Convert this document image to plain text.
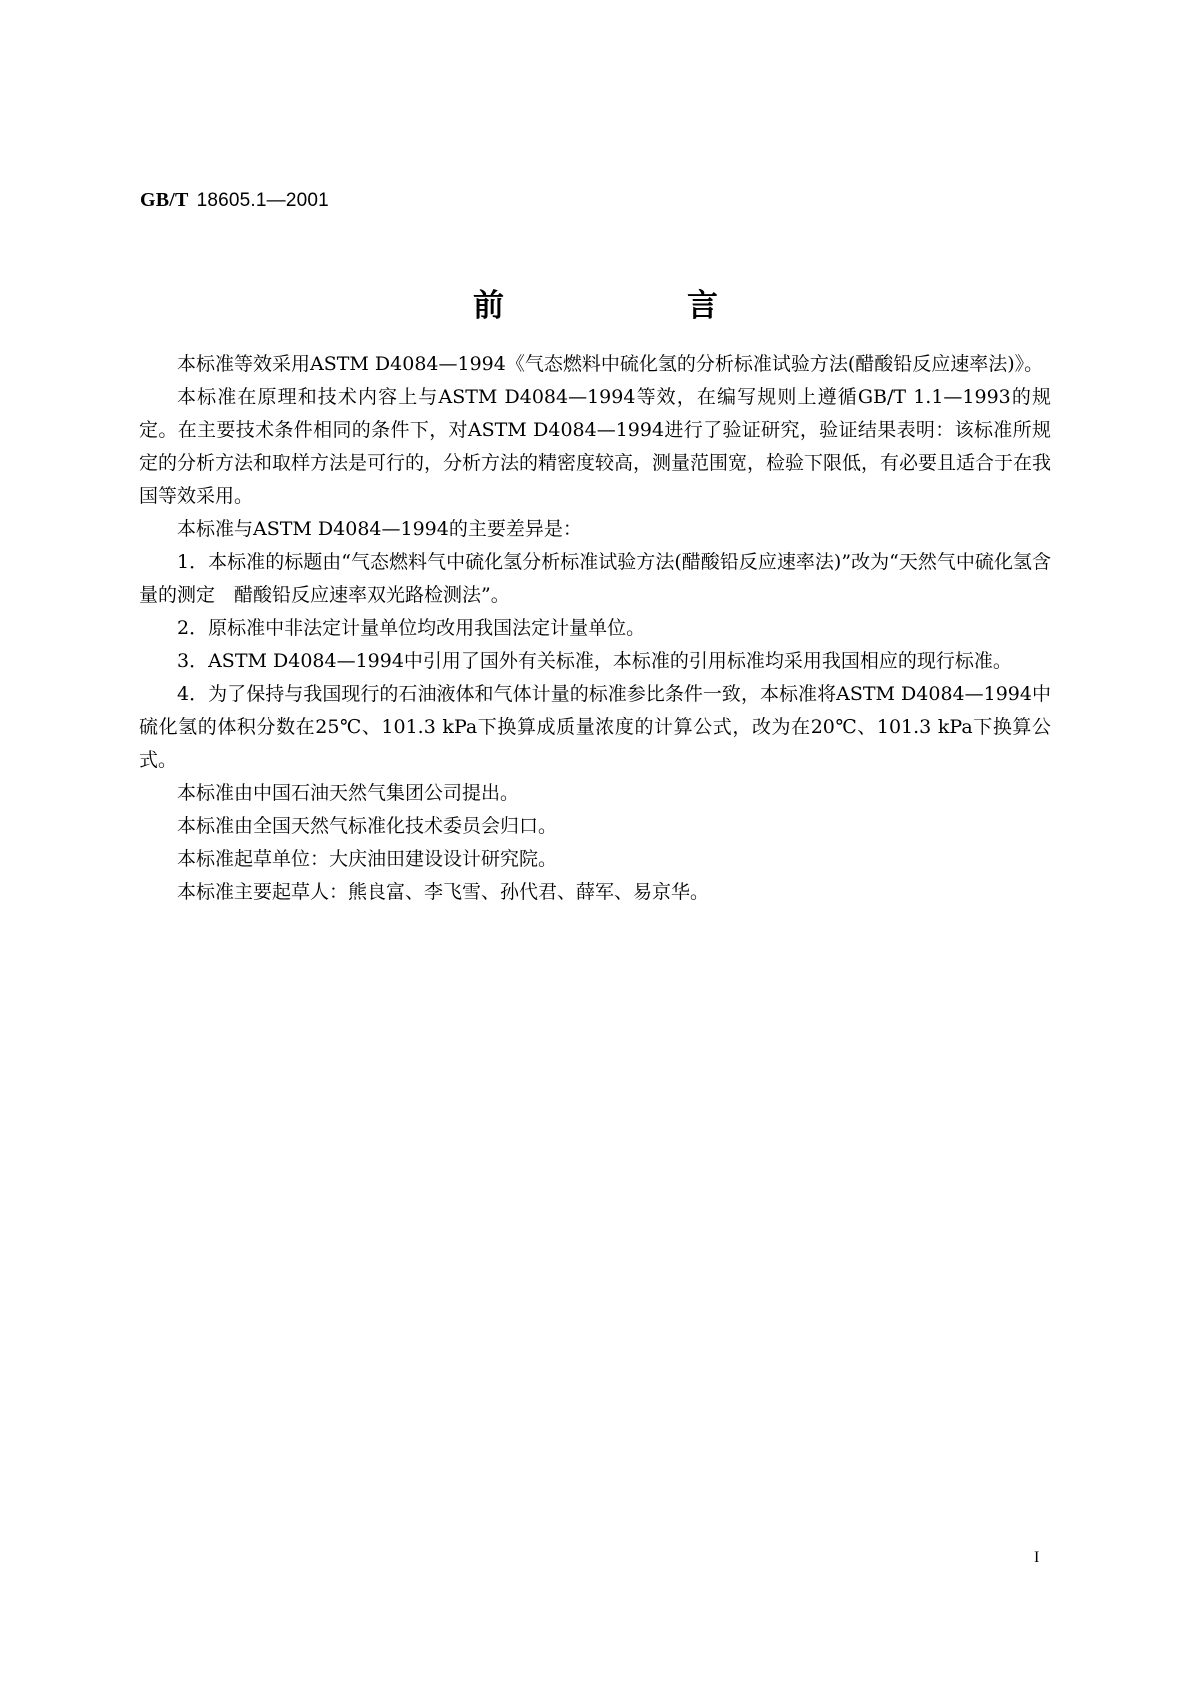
GB/T 18605.1—2001
前　言

本标准等效采用ASTM D4084—1994《气态燃料中硫化氢的分析标准试验方法(醋酸铅反应速率法)》。

本标准在原理和技术内容上与ASTM D4084—1994等效，在编写规则上遵循GB/T 1.1—1993的规定。在主要技术条件相同的条件下，对ASTM D4084—1994进行了验证研究，验证结果表明：该标准所规定的分析方法和取样方法是可行的，分析方法的精密度较高，测量范围宽，检验下限低，有必要且适合于在我国等效采用。

本标准与ASTM D4084—1994的主要差异是：

1．本标准的标题由“气态燃料气中硫化氢分析标准试验方法(醋酸铅反应速率法)”改为“天然气中硫化氢含量的测定　醋酸铅反应速率双光路检测法”。

2．原标准中非法定计量单位均改用我国法定计量单位。

3．ASTM D4084—1994中引用了国外有关标准，本标准的引用标准均采用我国相应的现行标准。

4．为了保持与我国现行的石油液体和气体计量的标准参比条件一致，本标准将ASTM D4084—1994中硫化氢的体积分数在25℃、101.3 kPa下换算成质量浓度的计算公式，改为在20℃、101.3 kPa下换算公式。

本标准由中国石油天然气集团公司提出。

本标准由全国天然气标准化技术委员会归口。

本标准起草单位：大庆油田建设设计研究院。

本标准主要起草人：熊良富、李飞雪、孙代君、薛军、易京华。

I
